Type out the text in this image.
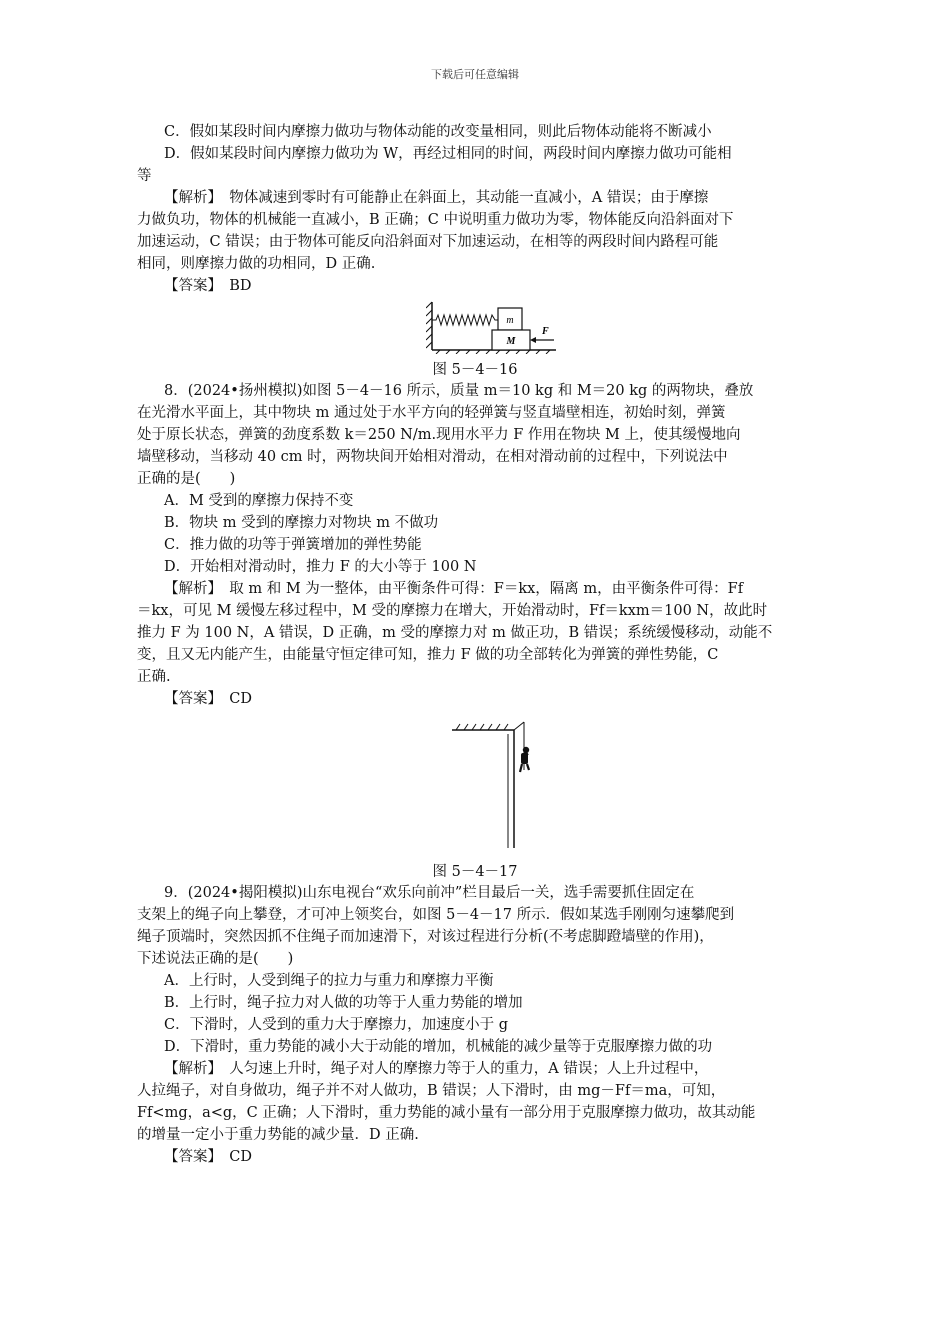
下载后可任意编辑
C．假如某段时间内摩擦力做功与物体动能的改变量相同，则此后物体动能将不断减小
D．假如某段时间内摩擦力做功为 W，再经过相同的时间，两段时间内摩擦力做功可能相
等
【解析】　物体减速到零时有可能静止在斜面上，其动能一直减小，A 错误；由于摩擦
力做负功，物体的机械能一直减小，B 正确；C 中说明重力做功为零，物体能反向沿斜面对下
加速运动，C 错误；由于物体可能反向沿斜面对下加速运动，在相等的两段时间内路程可能
相同，则摩擦力做的功相同，D 正确.
【答案】　BD
m
M
F
图 5－4－16
8．(2024•扬州模拟)如图 5－4－16 所示，质量 m＝10 kg 和 M＝20 kg 的两物块，叠放
在光滑水平面上，其中物块 m 通过处于水平方向的轻弹簧与竖直墙壁相连，初始时刻，弹簧
处于原长状态，弹簧的劲度系数 k＝250 N/m.现用水平力 F 作用在物块 M 上，使其缓慢地向
墙壁移动，当移动 40 cm 时，两物块间开始相对滑动，在相对滑动前的过程中，下列说法中
正确的是(　　)
A．M 受到的摩擦力保持不变
B．物块 m 受到的摩擦力对物块 m 不做功
C．推力做的功等于弹簧增加的弹性势能
D．开始相对滑动时，推力 F 的大小等于 100 N
【解析】　取 m 和 M 为一整体，由平衡条件可得：F＝kx，隔离 m，由平衡条件可得：Ff
＝kx，可见 M 缓慢左移过程中，M 受的摩擦力在增大，开始滑动时，Ff＝kxm＝100 N，故此时
推力 F 为 100 N，A 错误，D 正确，m 受的摩擦力对 m 做正功，B 错误；系统缓慢移动，动能不
变，且又无内能产生，由能量守恒定律可知，推力 F 做的功全部转化为弹簧的弹性势能，C
正确.
【答案】　CD
图 5－4－17
9．(2024•揭阳模拟)山东电视台“欢乐向前冲”栏目最后一关，选手需要抓住固定在
支架上的绳子向上攀登，才可冲上领奖台，如图 5－4－17 所示．假如某选手刚刚匀速攀爬到
绳子顶端时，突然因抓不住绳子而加速滑下，对该过程进行分析(不考虑脚蹬墙壁的作用)，
下述说法正确的是(　　)
A．上行时，人受到绳子的拉力与重力和摩擦力平衡
B．上行时，绳子拉力对人做的功等于人重力势能的增加
C．下滑时，人受到的重力大于摩擦力，加速度小于 g
D．下滑时，重力势能的减小大于动能的增加，机械能的减少量等于克服摩擦力做的功
【解析】　人匀速上升时，绳子对人的摩擦力等于人的重力，A 错误；人上升过程中，
人拉绳子，对自身做功，绳子并不对人做功，B 错误；人下滑时，由 mg－Ff＝ma，可知，
Ff<mg，a<g，C 正确；人下滑时，重力势能的减小量有一部分用于克服摩擦力做功，故其动能
的增量一定小于重力势能的减少量．D 正确.
【答案】　CD
